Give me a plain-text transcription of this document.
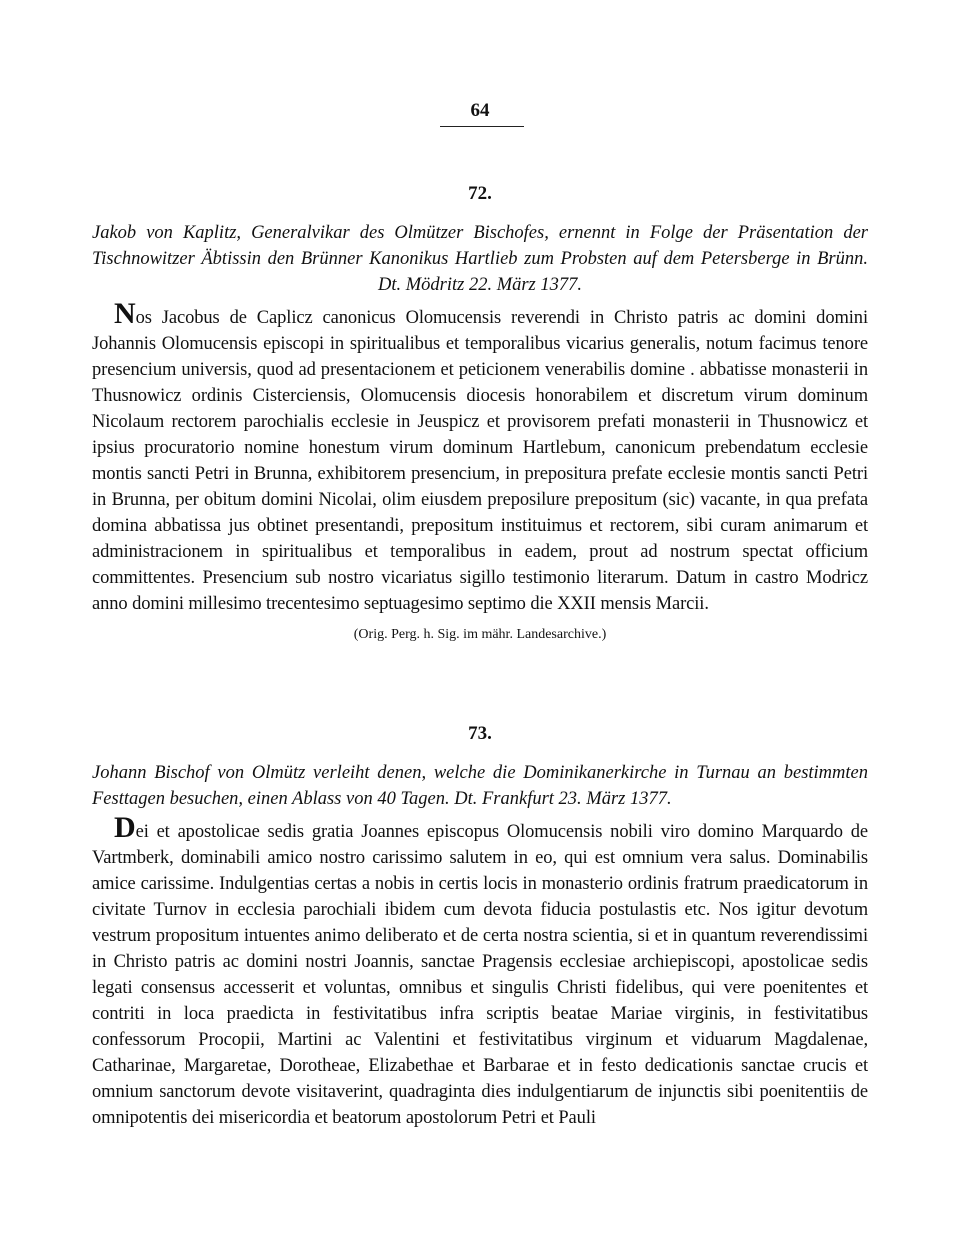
64
72.

Jakob von Kaplitz, Generalvikar des Olmützer Bischofes, ernennt in Folge der Präsentation der Tischnowitzer Äbtissin den Brünner Kanonikus Hartlieb zum Probsten auf dem Petersberge in Brünn. Dt. Mödritz 22. März 1377.

Nos Jacobus de Caplicz canonicus Olomucensis reverendi in Christo patris ac domini domini Johannis Olomucensis episcopi in spiritualibus et temporalibus vicarius generalis, notum facimus tenore presencium universis, quod ad presentacionem et peticionem venerabilis domine . abbatisse monasterii in Thusnowicz ordinis Cisterciensis, Olomucensis diocesis honorabilem et discretum virum dominum Nicolaum rectorem parochialis ecclesie in Jeuspicz et provisorem prefati monasterii in Thusnowicz et ipsius procuratorio nomine honestum virum dominum Hartlebum, canonicum prebendatum ecclesie montis sancti Petri in Brunna, exhibitorem presencium, in prepositura prefate ecclesie montis sancti Petri in Brunna, per obitum domini Nicolai, olim eiusdem preposilure prepositum (sic) vacante, in qua prefata domina abbatissa jus obtinet presentandi, prepositum instituimus et rectorem, sibi curam animarum et administracionem in spiritualibus et temporalibus in eadem, prout ad nostrum spectat officium committentes. Presencium sub nostro vicariatus sigillo testimonio literarum. Datum in castro Modricz anno domini millesimo trecentesimo septuagesimo septimo die XXII mensis Marcii.

(Orig. Perg. h. Sig. im mähr. Landesarchive.)

73.

Johann Bischof von Olmütz verleiht denen, welche die Dominikanerkirche in Turnau an bestimmten Festtagen besuchen, einen Ablass von 40 Tagen. Dt. Frankfurt 23. März 1377.

Dei et apostolicae sedis gratia Joannes episcopus Olomucensis nobili viro domino Marquardo de Vartmberk, dominabili amico nostro carissimo salutem in eo, qui est omnium vera salus. Dominabilis amice carissime. Indulgentias certas a nobis in certis locis in monasterio ordinis fratrum praedicatorum in civitate Turnov in ecclesia parochiali ibidem cum devota fiducia postulastis etc. Nos igitur devotum vestrum propositum intuentes animo deliberato et de certa nostra scientia, si et in quantum reverendissimi in Christo patris ac domini nostri Joannis, sanctae Pragensis ecclesiae archiepiscopi, apostolicae sedis legati consensus accesserit et voluntas, omnibus et singulis Christi fidelibus, qui vere poenitentes et contriti in loca praedicta in festivitatibus infra scriptis beatae Mariae virginis, in festivitatibus confessorum Procopii, Martini ac Valentini et festivitatibus virginum et viduarum Magdalenae, Catharinae, Margaretae, Dorotheae, Elizabethae et Barbarae et in festo dedicationis sanctae crucis et omnium sanctorum devote visitaverint, quadraginta dies indulgentiarum de injunctis sibi poenitentiis de omnipotentis dei misericordia et beatorum apostolorum Petri et Pauli
